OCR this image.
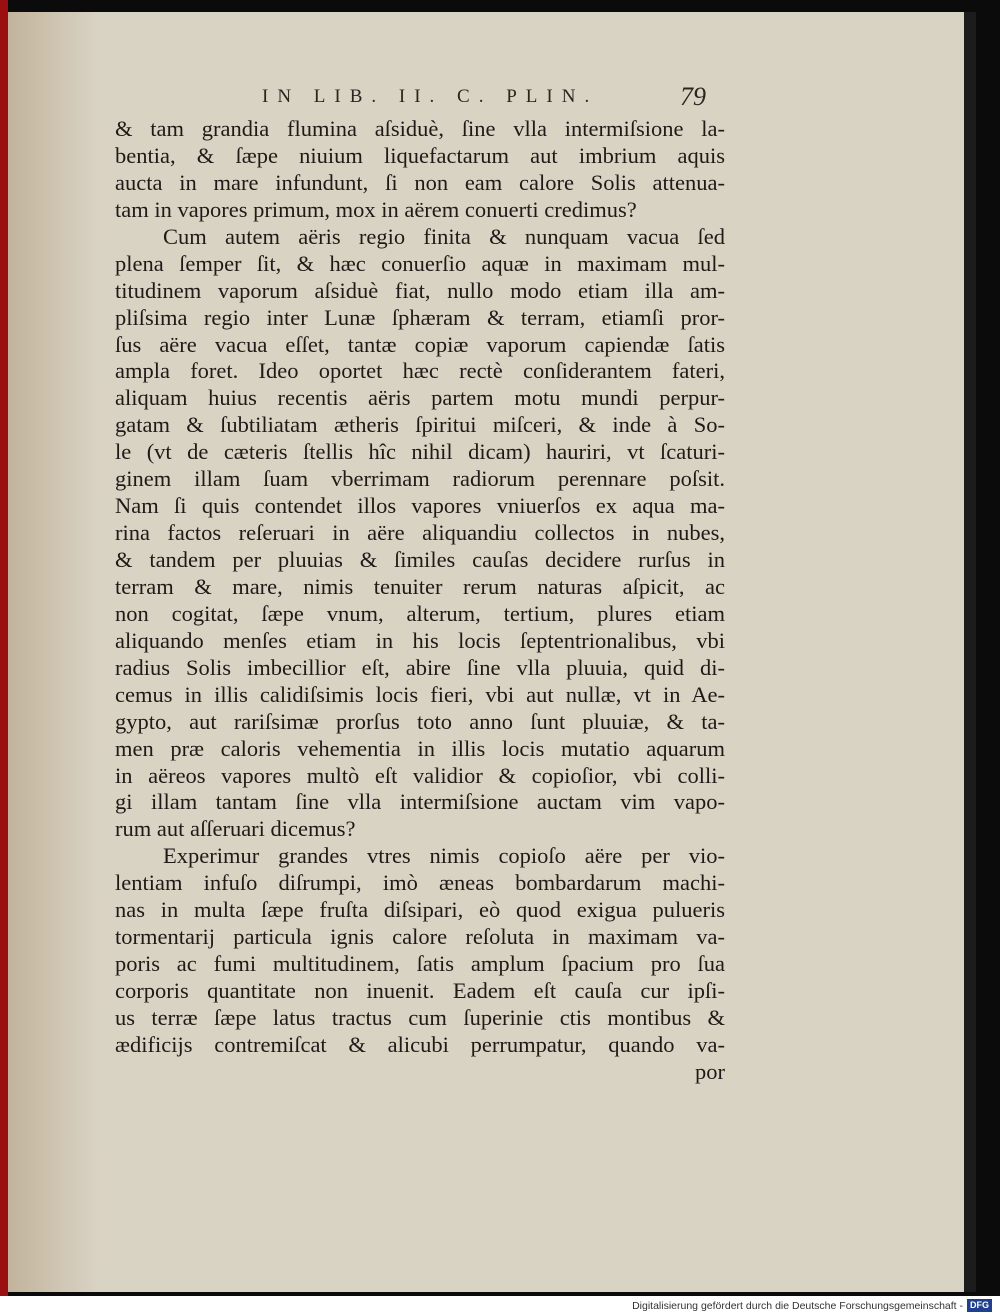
IN LIB. II. C. PLIN.	79
& tam grandia flumina aſsiduè, ſine vlla intermiſsione la-
bentia, & ſæpe niuium liquefactarum aut imbrium aquis
aucta in mare infundunt, ſi non eam calore Solis attenua-
tam in vapores primum, mox in aërem conuerti credimus?
Cum autem aëris regio finita & nunquam vacua ſed
plena ſemper ſit, & hæc conuerſio aquæ in maximam mul-
titudinem vaporum aſsiduè fiat, nullo modo etiam illa am-
pliſsima regio inter Lunæ ſphæram & terram, etiamſi pror-
ſus aëre vacua eſſet, tantæ copiæ vaporum capiendæ ſatis
ampla foret. Ideo oportet hæc rectè conſiderantem fateri,
aliquam huius recentis aëris partem motu mundi perpur-
gatam & ſubtiliatam ætheris ſpiritui miſceri, & inde à So-
le (vt de cæteris ſtellis hîc nihil dicam) hauriri, vt ſcaturi-
ginem illam ſuam vberrimam radiorum perennare poſsit.
Nam ſi quis contendet illos vapores vniuerſos ex aqua ma-
rina factos reſeruari in aëre aliquandiu collectos in nubes,
& tandem per pluuias & ſimiles cauſas decidere rurſus in
terram & mare, nimis tenuiter rerum naturas aſpicit, ac
non cogitat, ſæpe vnum, alterum, tertium, plures etiam
aliquando menſes etiam in his locis ſeptentrionalibus, vbi
radius Solis imbecillior eſt, abire ſine vlla pluuia, quid di-
cemus in illis calidiſsimis locis fieri, vbi aut nullæ, vt in Ae-
gypto, aut rariſsimæ prorſus toto anno ſunt pluuiæ, & ta-
men præ caloris vehementia in illis locis mutatio aquarum
in aëreos vapores multò eſt validior & copioſior, vbi colli-
gi illam tantam ſine vlla intermiſsione auctam vim vapo-
rum aut aſſeruari dicemus?
Experimur grandes vtres nimis copioſo aëre per vio-
lentiam infuſo diſrumpi, imò æneas bombardarum machi-
nas in multa ſæpe fruſta diſsipari, eò quod exigua pulueris
tormentarij particula ignis calore reſoluta in maximam va-
poris ac fumi multitudinem, ſatis amplum ſpacium pro ſua
corporis quantitate non inuenit. Eadem eſt cauſa cur ipſi-
us terræ ſæpe latus tractus cum ſuperinie ctis montibus &
ædificijs contremiſcat & alicubi perrumpatur, quando va-
por
Digitalisierung gefördert durch die Deutsche Forschungsgemeinschaft - DFG
